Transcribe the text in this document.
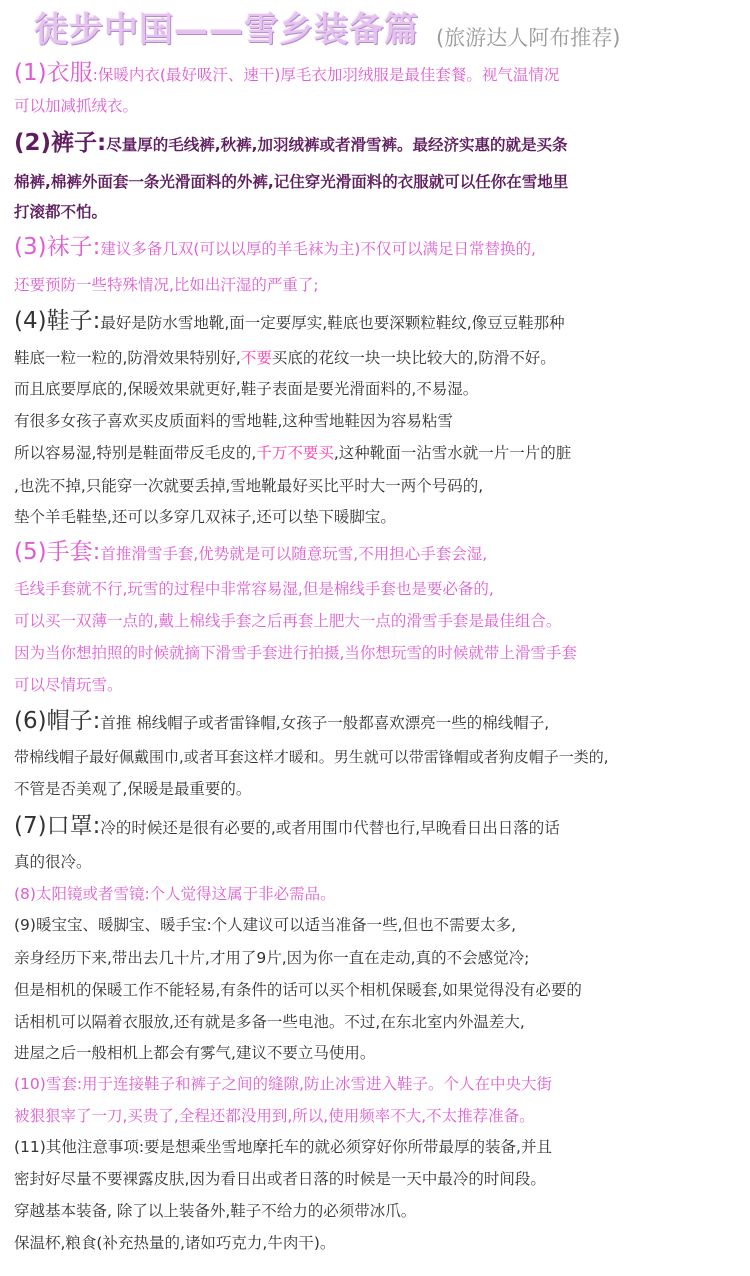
徒步中国——雪乡装备篇 (旅游达人阿布推荐)
(1)衣服:保暖内衣(最好吸汗、速干)厚毛衣加羽绒服是最佳套餐。视气温情况
可以加减抓绒衣。
(2)裤子:尽量厚的毛线裤,秋裤,加羽绒裤或者滑雪裤。最经济实惠的就是买条
棉裤,棉裤外面套一条光滑面料的外裤,记住穿光滑面料的衣服就可以任你在雪地里
打滚都不怕。
(3)袜子:建议多备几双(可以以厚的羊毛袜为主)不仅可以满足日常替换的,
还要预防一些特殊情况,比如出汗湿的严重了;
(4)鞋子:最好是防水雪地靴,面一定要厚实,鞋底也要深颗粒鞋纹,像豆豆鞋那种
鞋底一粒一粒的,防滑效果特别好,不要买底的花纹一块一块比较大的,防滑不好。
而且底要厚底的,保暖效果就更好,鞋子表面是要光滑面料的,不易湿。
有很多女孩子喜欢买皮质面料的雪地鞋,这种雪地鞋因为容易粘雪
所以容易湿,特别是鞋面带反毛皮的,千万不要买,这种靴面一沾雪水就一片一片的脏
,也洗不掉,只能穿一次就要丢掉,雪地靴最好买比平时大一两个号码的,
垫个羊毛鞋垫,还可以多穿几双袜子,还可以垫下暖脚宝。
(5)手套:首推滑雪手套,优势就是可以随意玩雪,不用担心手套会湿,
毛线手套就不行,玩雪的过程中非常容易湿,但是棉线手套也是要必备的,
可以买一双薄一点的,戴上棉线手套之后再套上肥大一点的滑雪手套是最佳组合。
因为当你想拍照的时候就摘下滑雪手套进行拍摄,当你想玩雪的时候就带上滑雪手套
可以尽情玩雪。
(6)帽子:首推 棉线帽子或者雷锋帽,女孩子一般都喜欢漂亮一些的棉线帽子,
带棉线帽子最好佩戴围巾,或者耳套这样才暖和。男生就可以带雷锋帽或者狗皮帽子一类的,
不管是否美观了,保暖是最重要的。
(7)口罩:冷的时候还是很有必要的,或者用围巾代替也行,早晚看日出日落的话
真的很冷。
(8)太阳镜或者雪镜:个人觉得这属于非必需品。
(9)暖宝宝、暖脚宝、暖手宝:个人建议可以适当准备一些,但也不需要太多,
亲身经历下来,带出去几十片,才用了9片,因为你一直在走动,真的不会感觉冷;
但是相机的保暖工作不能轻易,有条件的话可以买个相机保暖套,如果觉得没有必要的
话相机可以隔着衣服放,还有就是多备一些电池。不过,在东北室内外温差大,
进屋之后一般相机上都会有雾气,建议不要立马使用。
(10)雪套:用于连接鞋子和裤子之间的缝隙,防止冰雪进入鞋子。个人在中央大街
被狠狠宰了一刀,买贵了,全程还都没用到,所以,使用频率不大,不太推荐准备。
(11)其他注意事项:要是想乘坐雪地摩托车的就必须穿好你所带最厚的装备,并且
密封好尽量不要裸露皮肤,因为看日出或者日落的时候是一天中最冷的时间段。
穿越基本装备, 除了以上装备外,鞋子不给力的必须带冰爪。
保温杯,粮食(补充热量的,诸如巧克力,牛肉干)。
